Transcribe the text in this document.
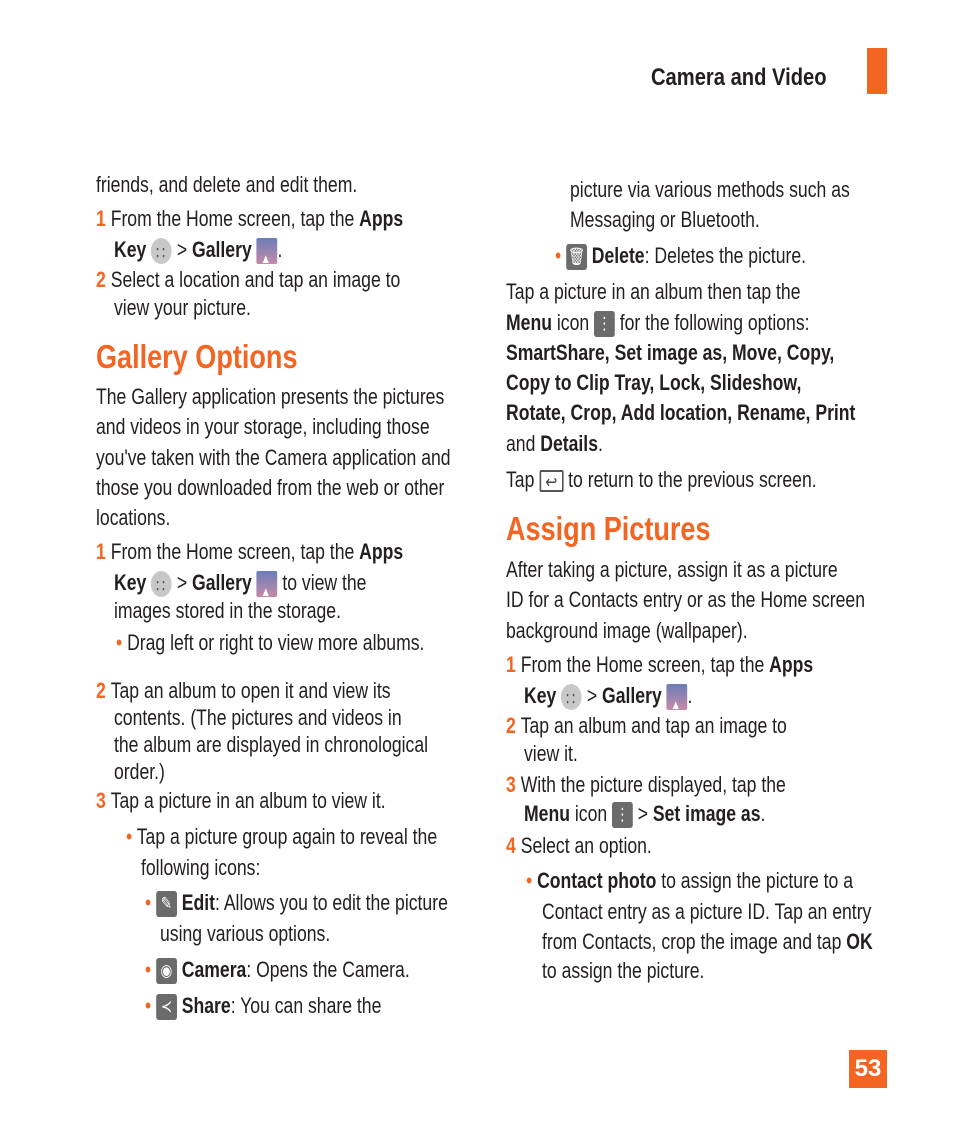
Camera and Video
friends, and delete and edit them.
1 From the Home screen, tap the Apps
Key ∷ > Gallery ▲ .
2 Select a location and tap an image to
view your picture.
Gallery Options
The Gallery application presents the pictures
and videos in your storage, including those
you've taken with the Camera application and
those you downloaded from the web or other
locations.
1 From the Home screen, tap the Apps
Key ∷ > Gallery ▲ to view the
images stored in the storage.
• Drag left or right to view more albums.
2 Tap an album to open it and view its
contents. (The pictures and videos in
the album are displayed in chronological
order.)
3 Tap a picture in an album to view it.
• Tap a picture group again to reveal the
following icons:
• ✎ Edit: Allows you to edit the picture
using various options.
• ◉ Camera: Opens the Camera.
• ≺ Share: You can share the
picture via various methods such as
Messaging or Bluetooth.
• 🗑 Delete: Deletes the picture.
Tap a picture in an album then tap the
Menu icon ⋮ for the following options:
SmartShare, Set image as, Move, Copy,
Copy to Clip Tray, Lock, Slideshow,
Rotate, Crop, Add location, Rename, Print
and Details.
Tap ↩ to return to the previous screen.
Assign Pictures
After taking a picture, assign it as a picture
ID for a Contacts entry or as the Home screen
background image (wallpaper).
1 From the Home screen, tap the Apps
Key ∷ > Gallery ▲ .
2 Tap an album and tap an image to
view it.
3 With the picture displayed, tap the
Menu icon ⋮ > Set image as.
4 Select an option.
• Contact photo to assign the picture to a
Contact entry as a picture ID. Tap an entry
from Contacts, crop the image and tap OK
to assign the picture.
53
